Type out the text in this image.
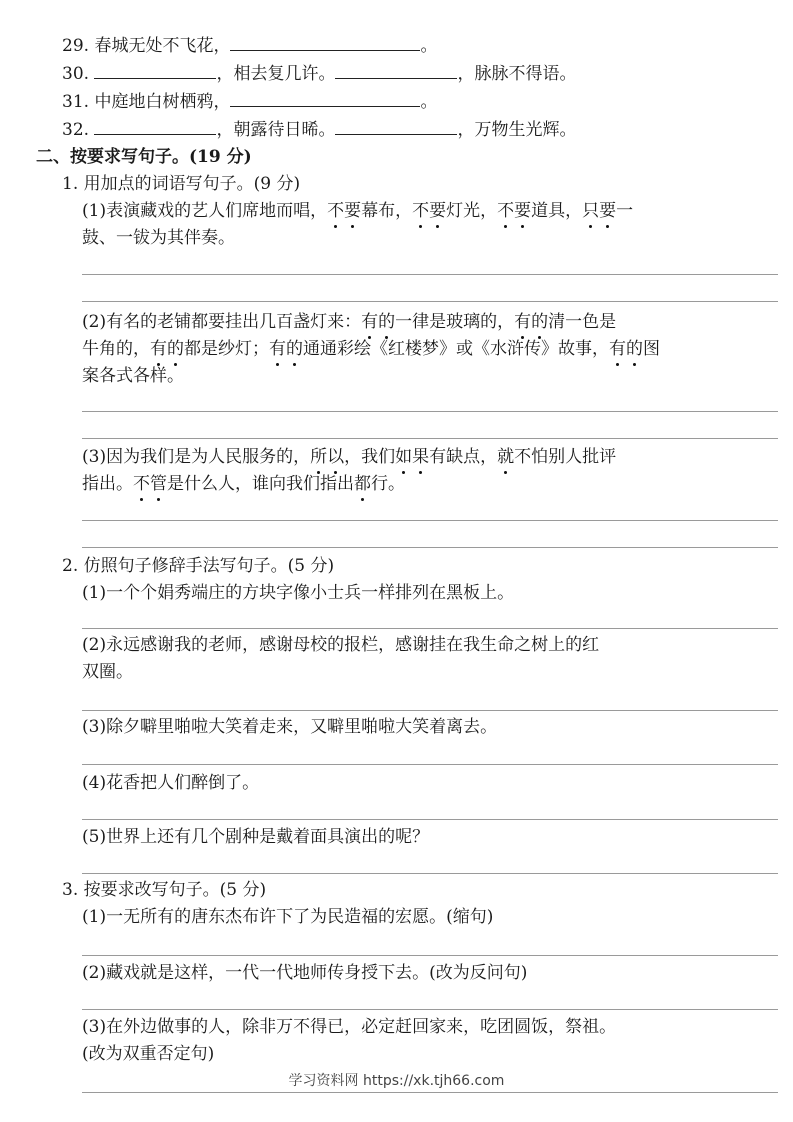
29. 春城无处不飞花，	。
30.	，相去复几许。	，脉脉不得语。
31. 中庭地白树栖鸦，	。
32.	，朝露待日晞。	，万物生光辉。
二、按要求写句子。(19 分)
1. 用加点的词语写句子。(9 分)
(1)表演藏戏的艺人们席地而唱，不要幕布，不要灯光，不要道具，只要一
鼓、一钹为其伴奏。
(2)有名的老铺都要挂出几百盏灯来：有的一律是玻璃的，有的清一色是
牛角的，有的都是纱灯；有的通通彩绘《红楼梦》或《水浒传》故事，有的图
案各式各样。
(3)因为我们是为人民服务的，所以，我们如果有缺点，就不怕别人批评
指出。不管是什么人，谁向我们指出都行。
2. 仿照句子修辞手法写句子。(5 分)
(1)一个个娟秀端庄的方块字像小士兵一样排列在黑板上。
(2)永远感谢我的老师，感谢母校的报栏，感谢挂在我生命之树上的红
双圈。
(3)除夕噼里啪啦大笑着走来，又噼里啪啦大笑着离去。
(4)花香把人们醉倒了。
(5)世界上还有几个剧种是戴着面具演出的呢？
3. 按要求改写句子。(5 分)
(1)一无所有的唐东杰布许下了为民造福的宏愿。(缩句)
(2)藏戏就是这样，一代一代地师传身授下去。(改为反问句)
(3)在外边做事的人，除非万不得已，必定赶回家来，吃团圆饭，祭祖。
(改为双重否定句)
学习资料网 https://xk.tjh66.com
